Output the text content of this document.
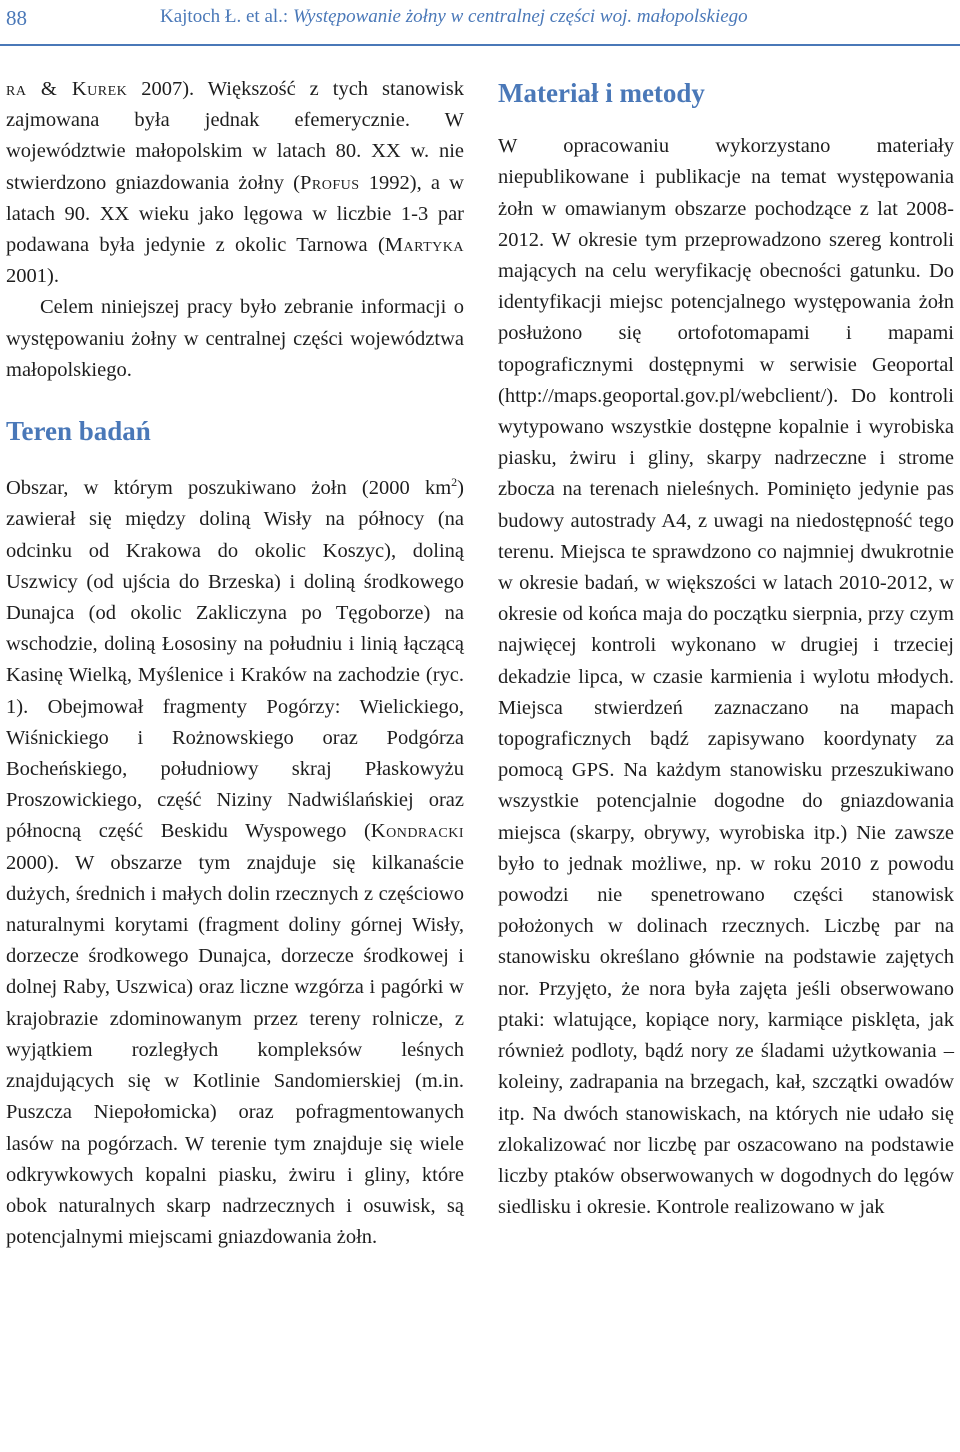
88	Kajtoch Ł. et al.: Występowanie żołny w centralnej części woj. małopolskiego

ra & Kurek 2007). Większość z tych stanowisk zajmowana była jednak efemerycznie. W województwie małopolskim w latach 80. XX w. nie stwierdzono gniazdowania żołny (Profus 1992), a w latach 90. XX wieku jako lęgowa w liczbie 1-3 par podawana była jedynie z okolic Tarnowa (Martyka 2001).

Celem niniejszej pracy było zebranie informacji o występowaniu żołny w centralnej części województwa małopolskiego.

Teren badań

Obszar, w którym poszukiwano żołn (2000 $km^2$) zawierał się między doliną Wisły na północy (na odcinku od Krakowa do okolic Koszyc), doliną Uszwicy (od ujścia do Brzeska) i doliną środkowego Dunajca (od okolic Zakliczyna po Tęgoborze) na wschodzie, doliną Łososiny na południu i linią łączącą Kasinę Wielką, Myślenice i Kraków na zachodzie (ryc. 1). Obejmował fragmenty Pogórzy: Wielickiego, Wiśnickiego i Rożnowskiego oraz Podgórza Bocheńskiego, południowy skraj Płaskowyżu Proszowickiego, część Niziny Nadwiślańskiej oraz północną część Beskidu Wyspowego (Kondracki 2000). W obszarze tym znajduje się kilkanaście dużych, średnich i małych dolin rzecznych z częściowo naturalnymi korytami (fragment doliny górnej Wisły, dorzecze środkowego Dunajca, dorzecze środkowej i dolnej Raby, Uszwica) oraz liczne wzgórza i pagórki w krajobrazie zdominowanym przez tereny rolnicze, z wyjątkiem rozległych kompleksów leśnych znajdujących się w Kotlinie Sandomierskiej (m.in. Puszcza Niepołomicka) oraz pofragmentowanych lasów na pogórzach. W terenie tym znajduje się wiele odkrywkowych kopalni piasku, żwiru i gliny, które obok naturalnych skarp nadrzecznych i osuwisk, są potencjalnymi miejscami gniazdowania żołn.

Materiał i metody

W opracowaniu wykorzystano materiały niepublikowane i publikacje na temat występowania żołn w omawianym obszarze pochodzące z lat 2008-2012. W okresie tym przeprowadzono szereg kontroli mających na celu weryfikację obecności gatunku. Do identyfikacji miejsc potencjalnego występowania żołn posłużono się ortofotomapami i mapami topograficznymi dostępnymi w serwisie Geoportal (http://maps.geoportal.gov.pl/webclient/). Do kontroli wytypowano wszystkie dostępne kopalnie i wyrobiska piasku, żwiru i gliny, skarpy nadrzeczne i strome zbocza na terenach nieleśnych. Pominięto jedynie pas budowy autostrady A4, z uwagi na niedostępność tego terenu. Miejsca te sprawdzono co najmniej dwukrotnie w okresie badań, w większości w latach 2010-2012, w okresie od końca maja do początku sierpnia, przy czym najwięcej kontroli wykonano w drugiej i trzeciej dekadzie lipca, w czasie karmienia i wylotu młodych. Miejsca stwierdzeń zaznaczano na mapach topograficznych bądź zapisywano koordynaty za pomocą GPS. Na każdym stanowisku przeszukiwano wszystkie potencjalnie dogodne do gniazdowania miejsca (skarpy, obrywy, wyrobiska itp.) Nie zawsze było to jednak możliwe, np. w roku 2010 z powodu powodzi nie spenetrowano części stanowisk położonych w dolinach rzecznych. Liczbę par na stanowisku określano głównie na podstawie zajętych nor. Przyjęto, że nora była zajęta jeśli obserwowano ptaki: wlatujące, kopiące nory, karmiące pisklęta, jak również podloty, bądź nory ze śladami użytkowania – koleiny, zadrapania na brzegach, kał, szczątki owadów itp. Na dwóch stanowiskach, na których nie udało się zlokalizować nor liczbę par oszacowano na podstawie liczby ptaków obserwowanych w dogodnych do lęgów siedlisku i okresie. Kontrole realizowano w jak
